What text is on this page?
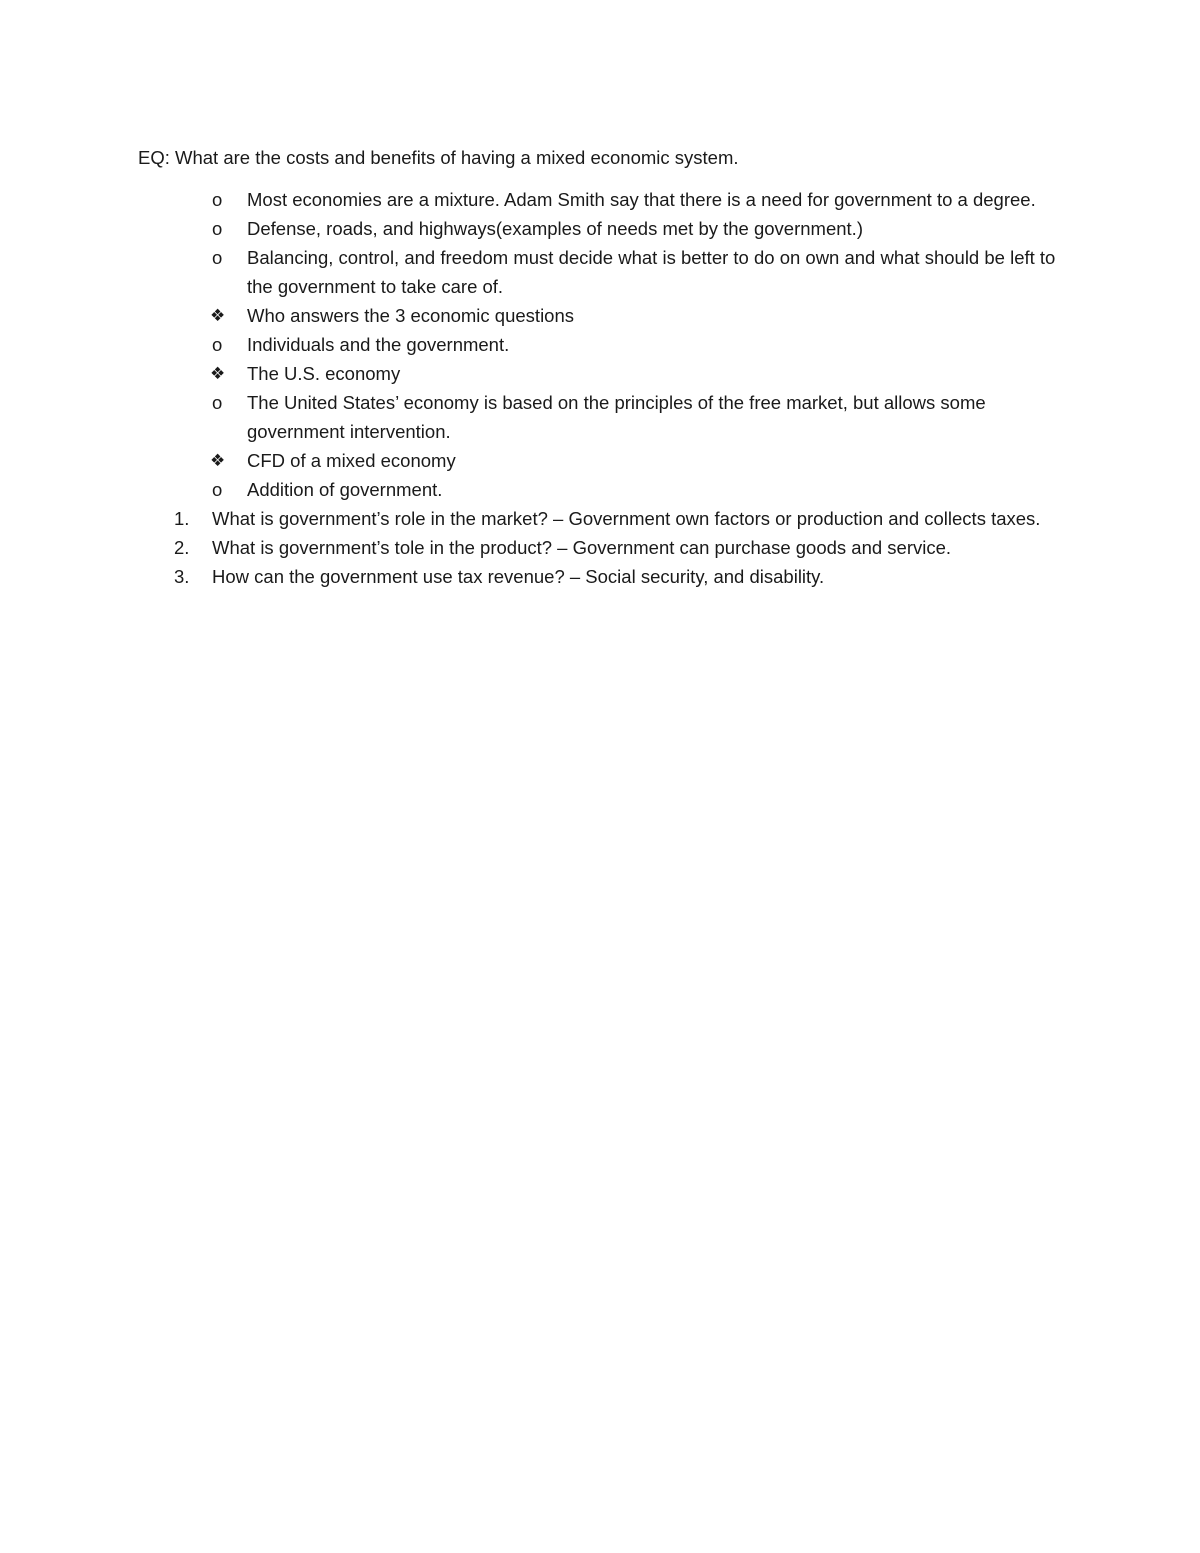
EQ: What are the costs and benefits of having a mixed economic system.
o	Most economies are a mixture. Adam Smith say that there is a need for government to a degree.
o	Defense, roads, and highways(examples of needs met by the government.)
o	Balancing, control, and freedom must decide what is better to do on own and what should be left to the government to take care of.
❖	Who answers the 3 economic questions
o	Individuals and the government.
❖	The U.S. economy
o	The United States’ economy is based on the principles of the free market, but allows some government intervention.
❖	CFD of a mixed economy
o	Addition of government.
1.	What is government’s role in the market? – Government own factors or production and collects taxes.
2.	What is government’s tole in the product? – Government can purchase goods and service.
3.	How can the government use tax revenue? – Social security, and disability.
